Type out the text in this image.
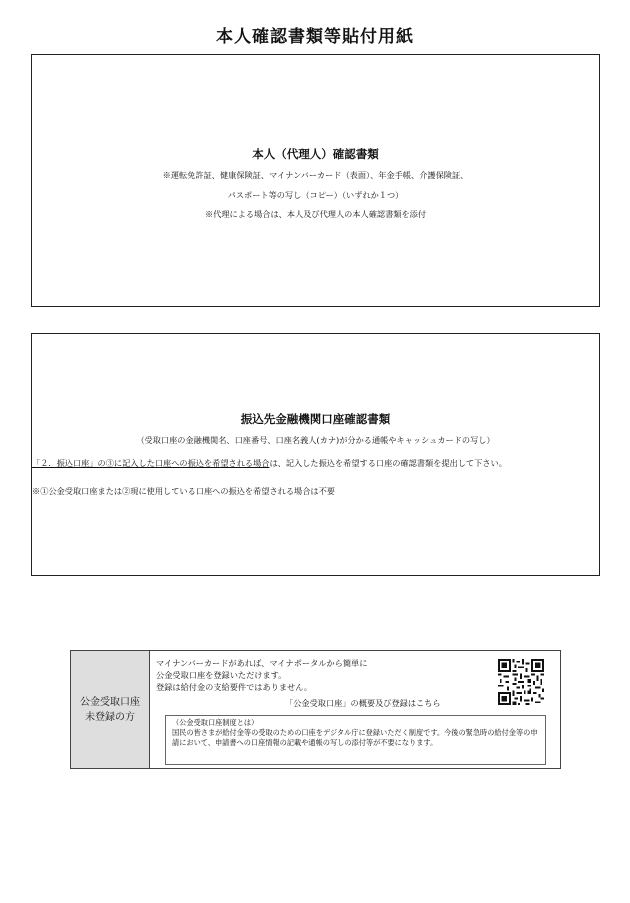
本人確認書類等貼付用紙
本人（代理人）確認書類
※運転免許証、健康保険証、マイナンバーカード（表面）、年金手帳、介護保険証、
パスポート等の写し（コピー）（いずれか１つ）
※代理による場合は、本人及び代理人の本人確認書類を添付
振込先金融機関口座確認書類
（受取口座の金融機関名、口座番号、口座名義人(カナ)が分かる通帳やキャッシュカードの写し）
「２．振込口座」の③に記入した口座への振込を希望される場合は、記入した振込を希望する口座の確認書類を提出して下さい。
※①公金受取口座または②現に使用している口座への振込を希望される場合は不要
公金受取口座
未登録の方
マイナンバーカードがあれば、マイナポータルから簡単に
公金受取口座を登録いただけます。
登録は給付金の支給要件ではありません。
「公金受取口座」の概要及び登録はこちら
（公金受取口座制度とは）
国民の皆さまが給付金等の受取のための口座をデジタル庁に登録いただく制度です。今後の緊急時の給付金等の申請において、申請書への口座情報の記載や通帳の写しの添付等が不要になります。
